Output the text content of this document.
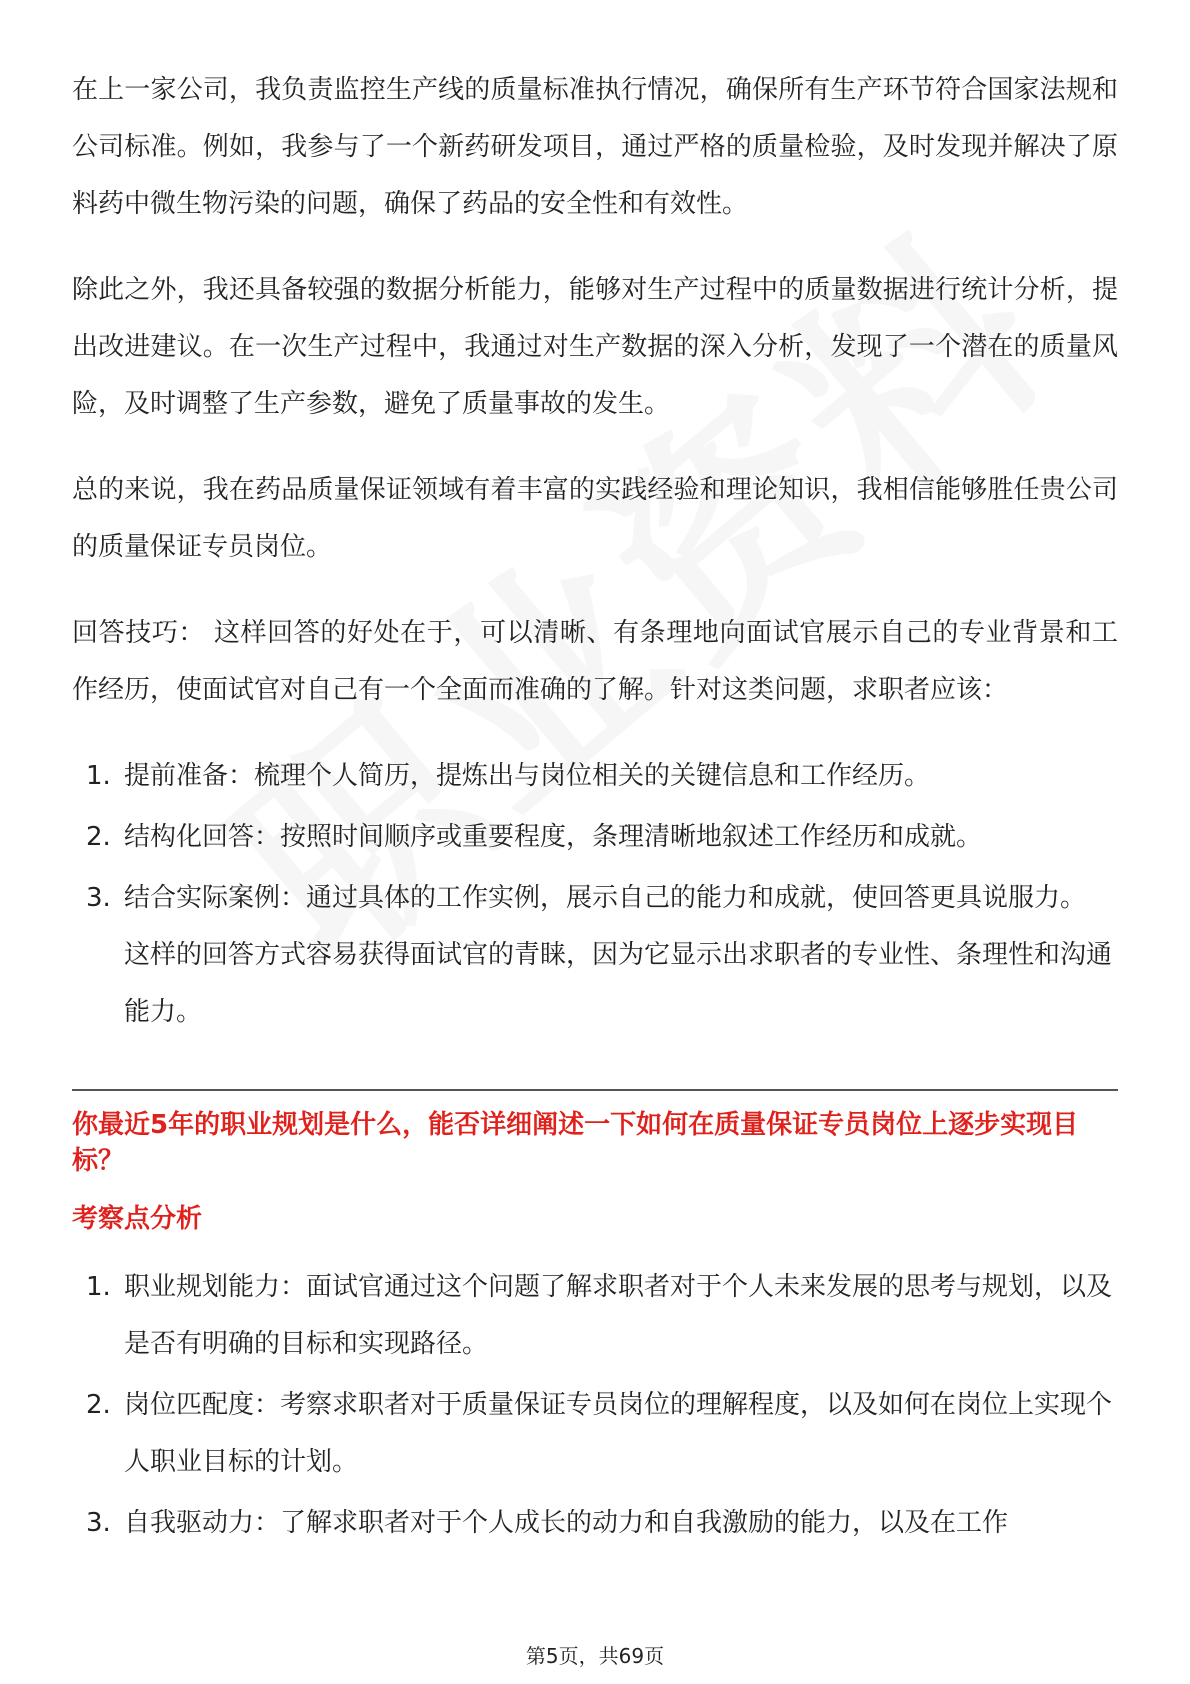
在上一家公司，我负责监控生产线的质量标准执行情况，确保所有生产环节符合国家法规和公司标准。例如，我参与了一个新药研发项目，通过严格的质量检验，及时发现并解决了原料药中微生物污染的问题，确保了药品的安全性和有效性。

除此之外，我还具备较强的数据分析能力，能够对生产过程中的质量数据进行统计分析，提出改进建议。在一次生产过程中，我通过对生产数据的深入分析，发现了一个潜在的质量风险，及时调整了生产参数，避免了质量事故的发生。

总的来说，我在药品质量保证领域有着丰富的实践经验和理论知识，我相信能够胜任贵公司的质量保证专员岗位。

回答技巧： 这样回答的好处在于，可以清晰、有条理地向面试官展示自己的专业背景和工作经历，使面试官对自己有一个全面而准确的了解。针对这类问题，求职者应该：

1. 提前准备：梳理个人简历，提炼出与岗位相关的关键信息和工作经历。
2. 结构化回答：按照时间顺序或重要程度，条理清晰地叙述工作经历和成就。
3. 结合实际案例：通过具体的工作实例，展示自己的能力和成就，使回答更具说服力。 这样的回答方式容易获得面试官的青睐，因为它显示出求职者的专业性、条理性和沟通能力。
你最近5年的职业规划是什么，能否详细阐述一下如何在质量保证专员岗位上逐步实现目标？
考察点分析
1. 职业规划能力：面试官通过这个问题了解求职者对于个人未来发展的思考与规划，以及是否有明确的目标和实现路径。
2. 岗位匹配度：考察求职者对于质量保证专员岗位的理解程度，以及如何在岗位上实现个人职业目标的计划。
3. 自我驱动力：了解求职者对于个人成长的动力和自我激励的能力，以及在工作
第5页，共69页
